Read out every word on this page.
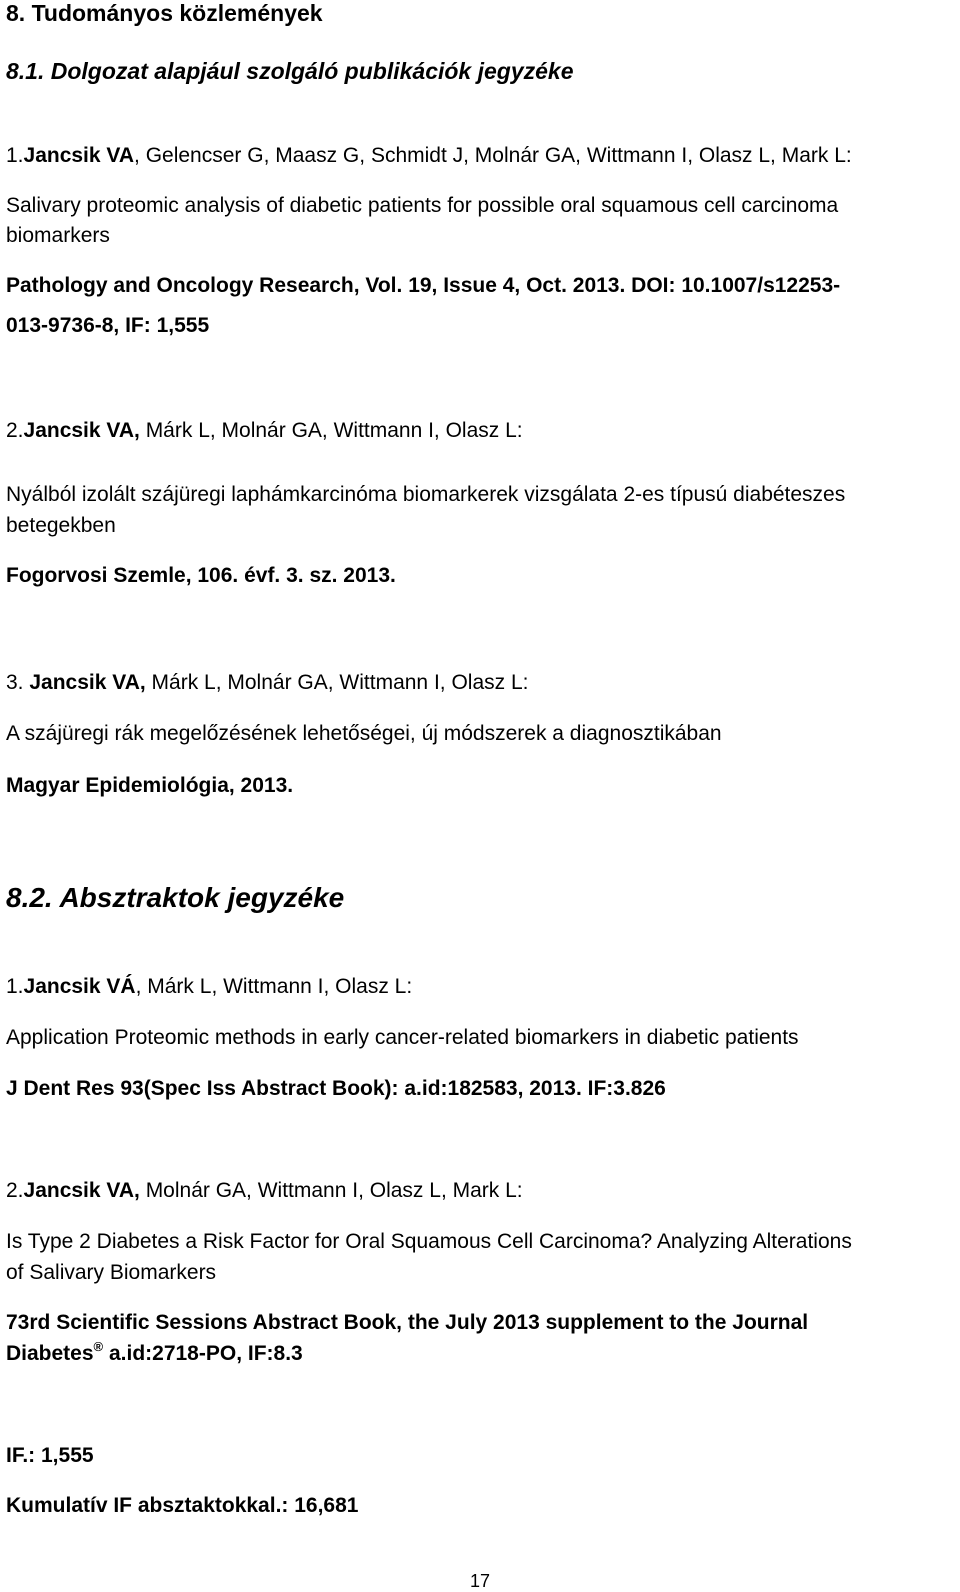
8. Tudományos közlemények
8.1. Dolgozat alapjául szolgáló publikációk jegyzéke
1.Jancsik VA, Gelencser G, Maasz G, Schmidt J, Molnár GA, Wittmann I, Olasz L, Mark L:
Salivary proteomic analysis of diabetic patients for possible oral squamous cell carcinoma
biomarkers
Pathology and Oncology Research, Vol. 19, Issue 4, Oct. 2013. DOI: 10.1007/s12253-
013-9736-8, IF: 1,555
2.Jancsik VA, Márk L, Molnár GA, Wittmann I, Olasz L:
Nyálból izolált szájüregi laphámkarcinóma biomarkerek vizsgálata 2-es típusú diabéteszes
betegekben
Fogorvosi Szemle, 106. évf. 3. sz. 2013.
3. Jancsik VA, Márk L, Molnár GA, Wittmann I, Olasz L:
A szájüregi rák megelőzésének lehetőségei, új módszerek a diagnosztikában
Magyar Epidemiológia, 2013.
8.2. Absztraktok jegyzéke
1.Jancsik VÁ, Márk L, Wittmann I, Olasz L:
Application Proteomic methods in early cancer-related biomarkers in diabetic patients
J Dent Res 93(Spec Iss Abstract Book): a.id:182583, 2013. IF:3.826
2.Jancsik VA, Molnár GA, Wittmann I, Olasz L, Mark L:
Is Type 2 Diabetes a Risk Factor for Oral Squamous Cell Carcinoma? Analyzing Alterations
of Salivary Biomarkers
73rd Scientific Sessions Abstract Book, the July 2013 supplement to the Journal
Diabetes® a.id:2718-PO, IF:8.3
IF.: 1,555
Kumulatív IF absztaktokkal.: 16,681
17
